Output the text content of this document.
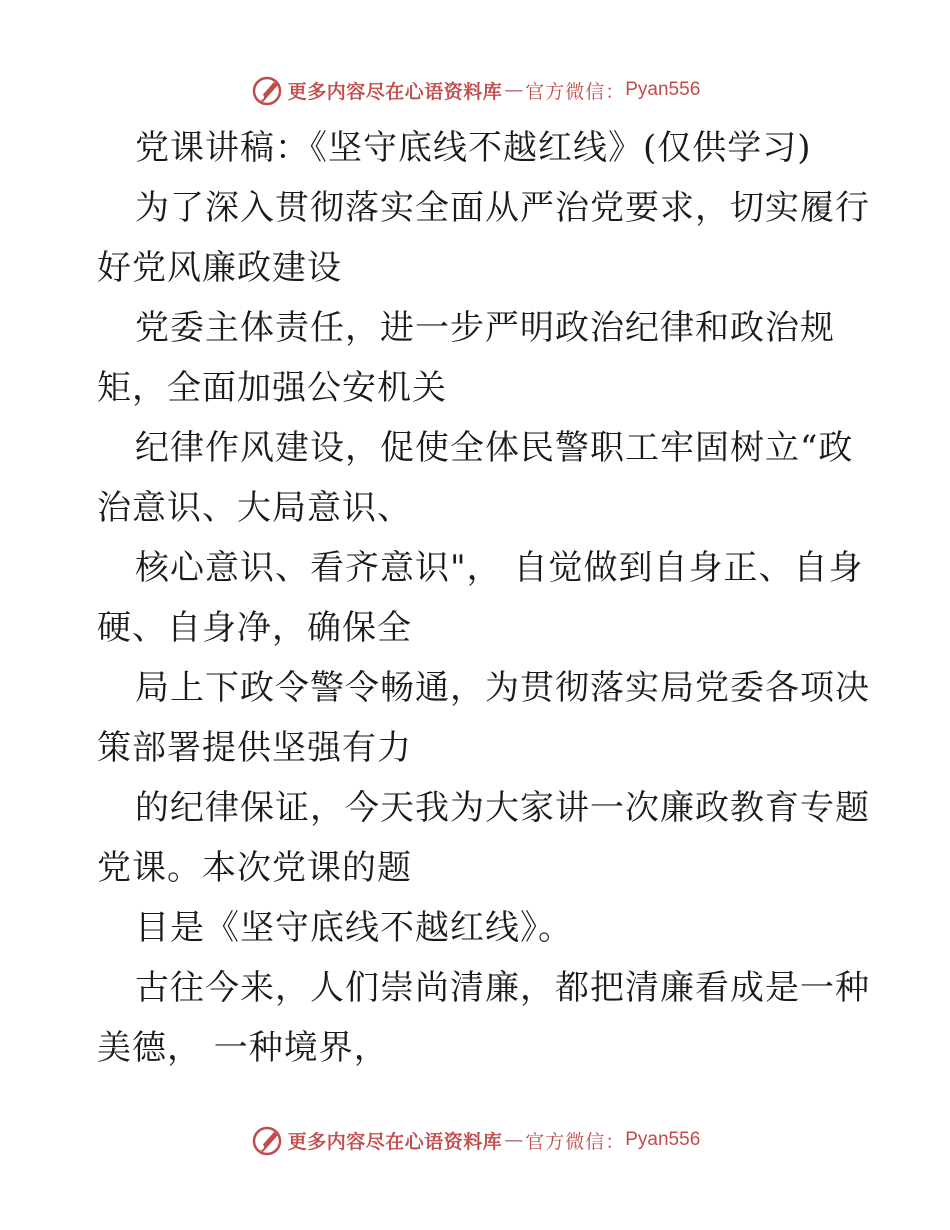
更多内容尽在心语资料库 — 官方微信： Pyan556
党课讲稿：《坚守底线不越红线》(仅供学习)
为了深入贯彻落实全面从严治党要求，切实履行
好党风廉政建设
党委主体责任，进一步严明政治纪律和政治规
矩，全面加强公安机关
纪律作风建设，促使全体民警职工牢固树立“政
治意识、大局意识、
核心意识、看齐意识"， 自觉做到自身正、自身
硬、自身净，确保全
局上下政令警令畅通，为贯彻落实局党委各项决
策部署提供坚强有力
的纪律保证，今天我为大家讲一次廉政教育专题
党课。本次党课的题
目是《坚守底线不越红线》。
古往今来，人们崇尚清廉，都把清廉看成是一种
美德， 一种境界，
更多内容尽在心语资料库 — 官方微信： Pyan556
